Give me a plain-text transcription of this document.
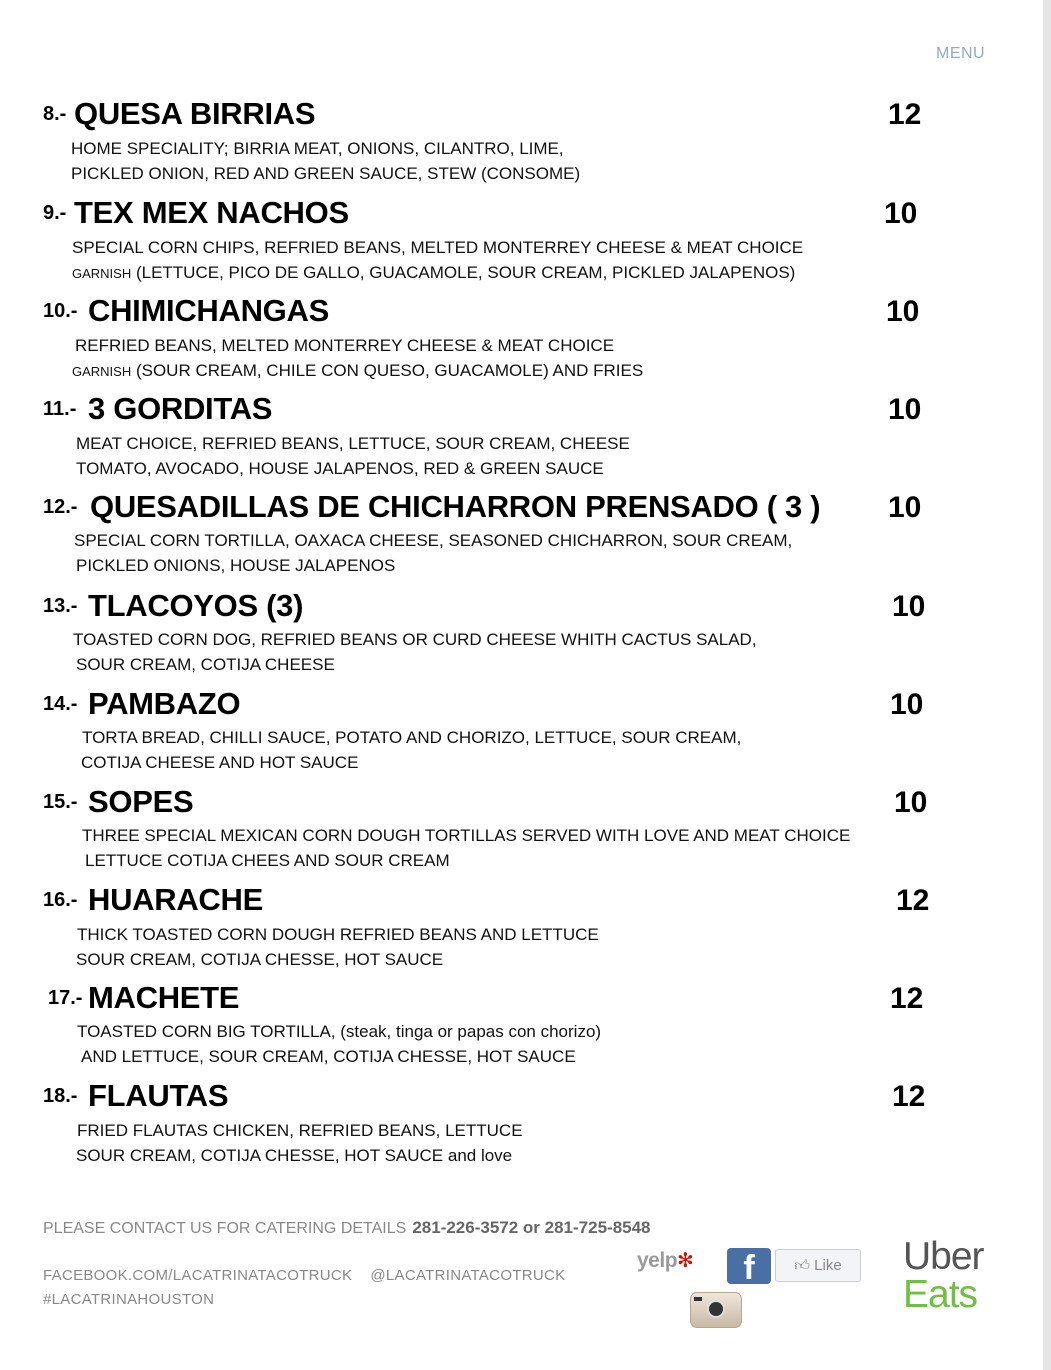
MENU
8.- QUESA BIRRIAS	12
HOME SPECIALITY; BIRRIA MEAT, ONIONS, CILANTRO, LIME,
PICKLED ONION, RED AND GREEN SAUCE, STEW (CONSOME)
9.- TEX MEX NACHOS	10
SPECIAL CORN CHIPS, REFRIED BEANS, MELTED MONTERREY CHEESE & MEAT CHOICE
GARNISH (LETTUCE, PICO DE GALLO, GUACAMOLE, SOUR CREAM, PICKLED JALAPENOS)
10.- CHIMICHANGAS	10
REFRIED BEANS, MELTED MONTERREY CHEESE & MEAT CHOICE
GARNISH (SOUR CREAM, CHILE CON QUESO, GUACAMOLE) AND FRIES
11.- 3 GORDITAS	10
MEAT CHOICE, REFRIED BEANS, LETTUCE, SOUR CREAM, CHEESE
TOMATO, AVOCADO, HOUSE JALAPENOS, RED & GREEN SAUCE
12.- QUESADILLAS DE CHICHARRON PRENSADO ( 3 ) 10
SPECIAL CORN TORTILLA, OAXACA CHEESE, SEASONED CHICHARRON, SOUR CREAM,
PICKLED ONIONS, HOUSE JALAPENOS
13.- TLACOYOS (3)	10
TOASTED CORN DOG, REFRIED BEANS OR CURD CHEESE WHITH CACTUS SALAD,
SOUR CREAM, COTIJA CHEESE
14.- PAMBAZO	10
TORTA BREAD, CHILLI SAUCE, POTATO AND CHORIZO, LETTUCE, SOUR CREAM,
COTIJA CHEESE AND HOT SAUCE
15.- SOPES	10
THREE SPECIAL MEXICAN CORN DOUGH TORTILLAS SERVED WITH LOVE AND MEAT CHOICE
LETTUCE COTIJA CHEES AND SOUR CREAM
16.- HUARACHE	12
THICK TOASTED CORN DOUGH REFRIED BEANS AND LETTUCE
SOUR CREAM, COTIJA CHESSE, HOT SAUCE
17.- MACHETE	12
TOASTED CORN BIG TORTILLA, (steak, tinga or papas con chorizo)
AND LETTUCE, SOUR CREAM, COTIJA CHESSE, HOT SAUCE
18.- FLAUTAS	12
FRIED FLAUTAS CHICKEN, REFRIED BEANS, LETTUCE
SOUR CREAM, COTIJA CHESSE, HOT SAUCE and love
PLEASE CONTACT US FOR CATERING DETAILS 281-226-3572 or 281-725-8548
FACEBOOK.COM/LACATRINATACOTRUCK @LACATRINATACOTRUCK
#LACATRINAHOUSTON
yelp✻	f	👍︎ Like	Uber
Eats
